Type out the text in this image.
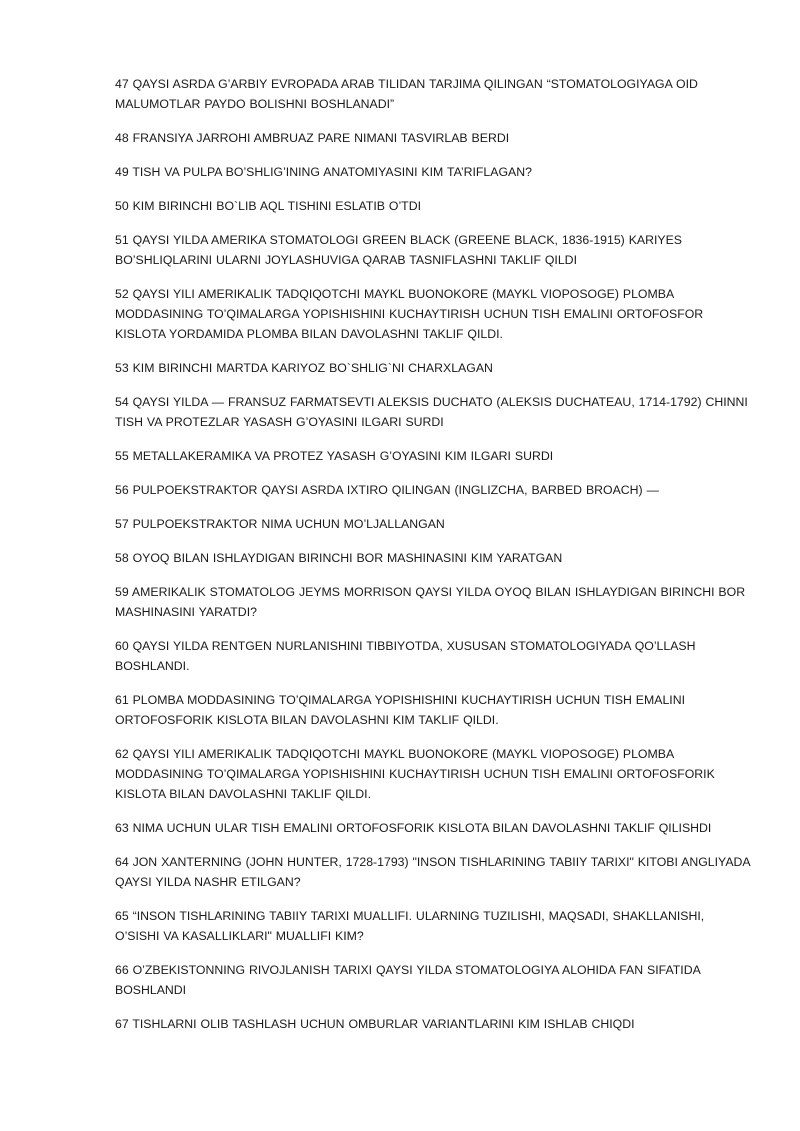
47 QAYSI ASRDA G’ARBIY EVROPADA ARAB TILIDAN TARJIMA QILINGAN “STOMATOLOGIYAGA OID MALUMOTLAR PAYDO BOLISHNI BOSHLANADI”

48 FRANSIYA JARROHI AMBRUAZ PARE NIMANI TASVIRLAB BERDI

49 TISH VA PULPA BO’SHLIG’INING ANATOMIYASINI KIM TA’RIFLAGAN?

50 KIM BIRINCHI BO`LIB AQL TISHINI ESLATIB O’TDI

51 QAYSI YILDA AMERIKA STOMATOLOGI GREEN BLACK (GREENE BLACK, 1836-1915) KARIYES BO’SHLIQLARINI ULARNI JOYLASHUVIGA QARAB TASNIFLASHNI TAKLIF QILDI

52 QAYSI YILI AMERIKALIK TADQIQOTCHI MAYKL BUONOKORE (MAYKL VIOPOSOGE) PLOMBA MODDASINING TO’QIMALARGA YOPISHISHINI KUCHAYTIRISH UCHUN TISH EMALINI ORTOFOSFOR KISLOTA YORDAMIDA PLOMBA BILAN DAVOLASHNI TAKLIF QILDI.

53 KIM BIRINCHI MARTDA KARIYOZ BO`SHLIG`NI CHARXLAGAN

54 QAYSI YILDA — FRANSUZ FARMATSEVTI ALEKSIS DUCHATO (ALEKSIS DUCHATEAU, 1714-1792) CHINNI TISH VA PROTEZLAR YASASH G’OYASINI ILGARI SURDI

55 METALLAKERAMIKA VA PROTEZ YASASH G’OYASINI KIM ILGARI SURDI

56 PULPOEKSTRAKTOR QAYSI ASRDA IXTIRO QILINGAN (INGLIZCHA, BARBED BROACH) —

57 PULPOEKSTRAKTOR NIMA UCHUN MO’LJALLANGAN

58 OYOQ BILAN ISHLAYDIGAN BIRINCHI BOR MASHINASINI KIM YARATGAN

59 AMERIKALIK STOMATOLOG JEYMS MORRISON QAYSI YILDA OYOQ BILAN ISHLAYDIGAN BIRINCHI BOR MASHINASINI YARATDI?

60 QAYSI YILDA RENTGEN NURLANISHINI TIBBIYOTDA, XUSUSAN STOMATOLOGIYADA QO’LLASH BOSHLANDI.

61 PLOMBA MODDASINING TO’QIMALARGA YOPISHISHINI KUCHAYTIRISH UCHUN TISH EMALINI ORTOFOSFORIK KISLOTA BILAN DAVOLASHNI KIM TAKLIF QILDI.

62 QAYSI YILI AMERIKALIK TADQIQOTCHI MAYKL BUONOKORE (MAYKL VIOPOSOGE) PLOMBA MODDASINING TO’QIMALARGA YOPISHISHINI KUCHAYTIRISH UCHUN TISH EMALINI ORTOFOSFORIK KISLOTA BILAN DAVOLASHNI TAKLIF QILDI.

63 NIMA UCHUN ULAR TISH EMALINI ORTOFOSFORIK KISLOTA BILAN DAVOLASHNI TAKLIF QILISHDI

64 JON XANTERNING (JOHN HUNTER, 1728-1793) "INSON TISHLARINING TABIIY TARIXI" KITOBI ANGLIYADA QAYSI YILDA NASHR ETILGAN?

65 “INSON TISHLARINING TABIIY TARIXI MUALLIFI. ULARNING TUZILISHI, MAQSADI, SHAKLLANISHI, O’SISHI VA KASALLIKLARI" MUALLIFI KIM?

66 O’ZBEKISTONNING RIVOJLANISH TARIXI QAYSI YILDA STOMATOLOGIYA ALOHIDA FAN SIFATIDA BOSHLANDI

67 TISHLARNI OLIB TASHLASH UCHUN OMBURLAR VARIANTLARINI KIM ISHLAB CHIQDI
